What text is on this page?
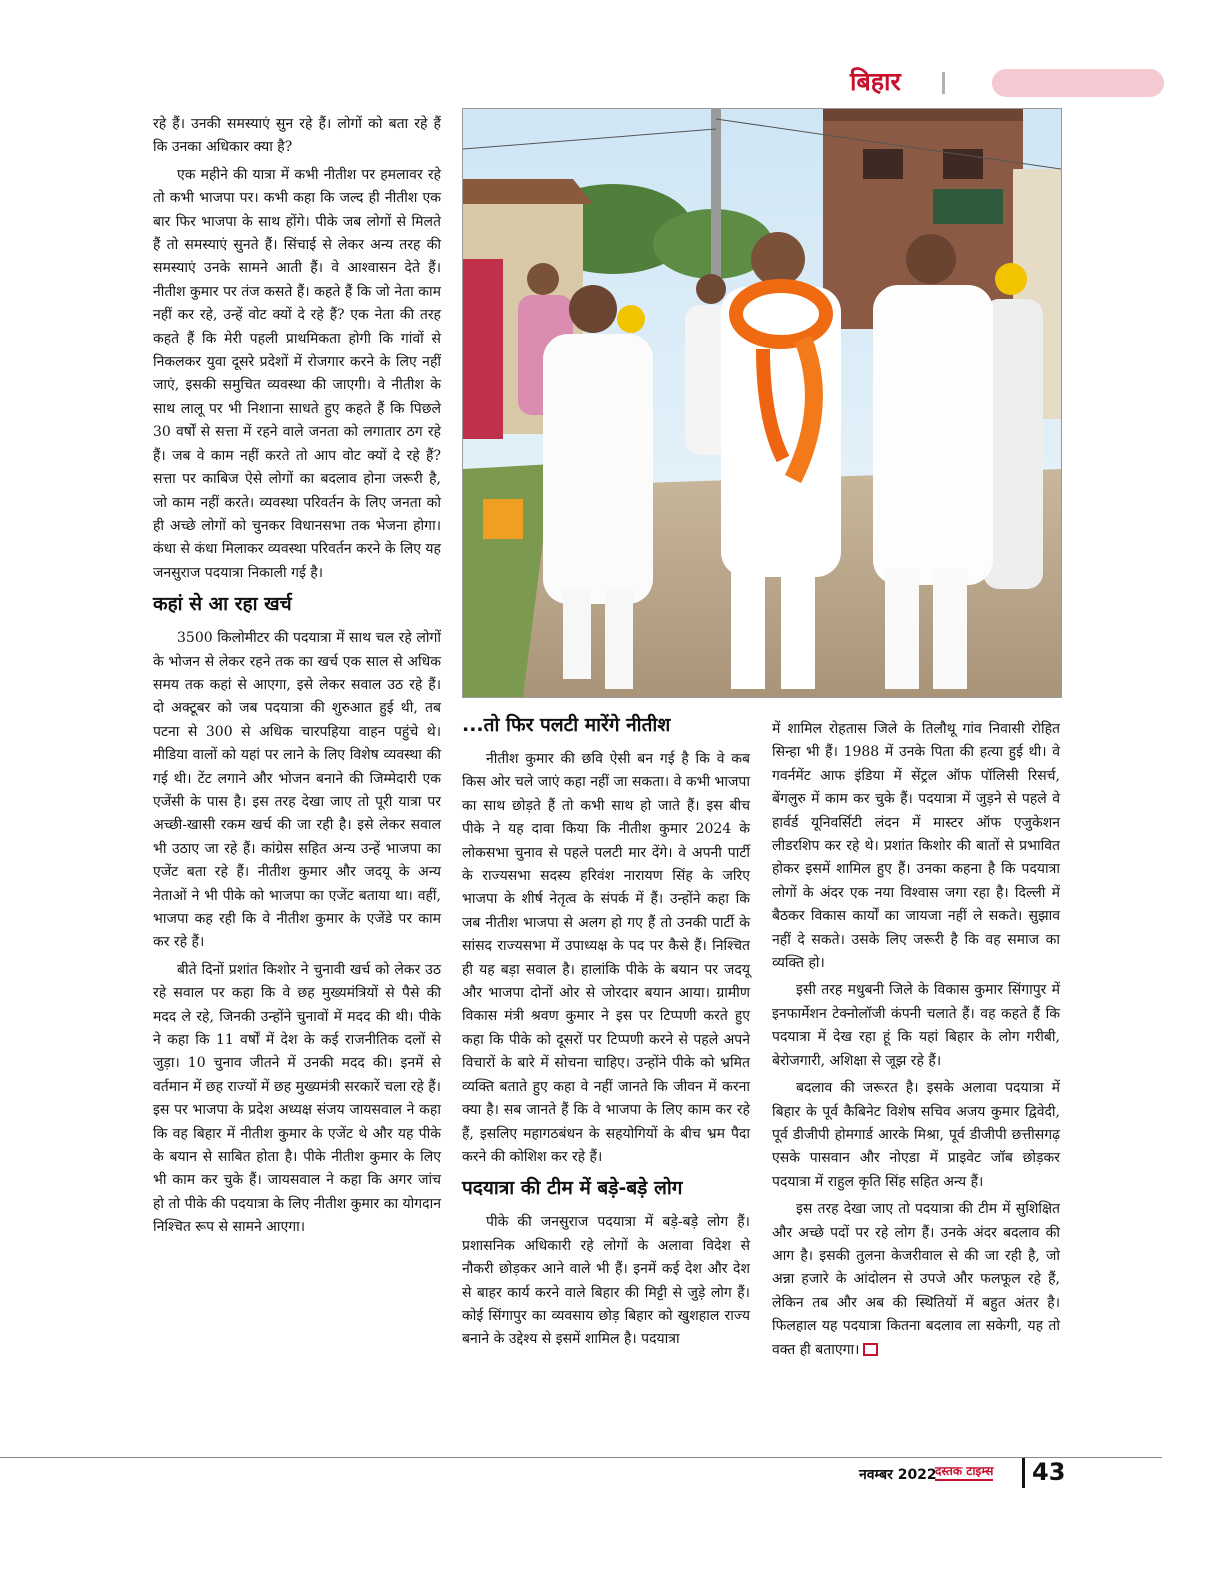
बिहार

रहे हैं। उनकी समस्याएं सुन रहे हैं। लोगों को बता रहे हैं कि उनका अधिकार क्या है?

एक महीने की यात्रा में कभी नीतीश पर हमलावर रहे तो कभी भाजपा पर। कभी कहा कि जल्द ही नीतीश एक बार फिर भाजपा के साथ होंगे। पीके जब लोगों से मिलते हैं तो समस्याएं सुनते हैं। सिंचाई से लेकर अन्य तरह की समस्याएं उनके सामने आती हैं। वे आश्वासन देते हैं। नीतीश कुमार पर तंज कसते हैं। कहते हैं कि जो नेता काम नहीं कर रहे, उन्हें वोट क्यों दे रहे हैं? एक नेता की तरह कहते हैं कि मेरी पहली प्राथमिकता होगी कि गांवों से निकलकर युवा दूसरे प्रदेशों में रोजगार करने के लिए नहीं जाएं, इसकी समुचित व्यवस्था की जाएगी। वे नीतीश के साथ लालू पर भी निशाना साधते हुए कहते हैं कि पिछले 30 वर्षों से सत्ता में रहने वाले जनता को लगातार ठग रहे हैं। जब वे काम नहीं करते तो आप वोट क्यों दे रहे हैं? सत्ता पर काबिज ऐसे लोगों का बदलाव होना जरूरी है, जो काम नहीं करते। व्यवस्था परिवर्तन के लिए जनता को ही अच्छे लोगों को चुनकर विधानसभा तक भेजना होगा। कंधा से कंधा मिलाकर व्यवस्था परिवर्तन करने के लिए यह जनसुराज पदयात्रा निकाली गई है।

कहां से आ रहा खर्च

3500 किलोमीटर की पदयात्रा में साथ चल रहे लोगों के भोजन से लेकर रहने तक का खर्च एक साल से अधिक समय तक कहां से आएगा, इसे लेकर सवाल उठ रहे हैं। दो अक्टूबर को जब पदयात्रा की शुरुआत हुई थी, तब पटना से 300 से अधिक चारपहिया वाहन पहुंचे थे। मीडिया वालों को यहां पर लाने के लिए विशेष व्यवस्था की गई थी। टेंट लगाने और भोजन बनाने की जिम्मेदारी एक एजेंसी के पास है। इस तरह देखा जाए तो पूरी यात्रा पर अच्छी-खासी रकम खर्च की जा रही है। इसे लेकर सवाल भी उठाए जा रहे हैं। कांग्रेस सहित अन्य उन्हें भाजपा का एजेंट बता रहे हैं। नीतीश कुमार और जदयू के अन्य नेताओं ने भी पीके को भाजपा का एजेंट बताया था। वहीं, भाजपा कह रही कि वे नीतीश कुमार के एजेंडे पर काम कर रहे हैं।

बीते दिनों प्रशांत किशोर ने चुनावी खर्च को लेकर उठ रहे सवाल पर कहा कि वे छह मुख्यमंत्रियों से पैसे की मदद ले रहे, जिनकी उन्होंने चुनावों में मदद की थी। पीके ने कहा कि 11 वर्षों में देश के कई राजनीतिक दलों से जुड़ा। 10 चुनाव जीतने में उनकी मदद की। इनमें से वर्तमान में छह राज्यों में छह मुख्यमंत्री सरकारें चला रहे हैं। इस पर भाजपा के प्रदेश अध्यक्ष संजय जायसवाल ने कहा कि वह बिहार में नीतीश कुमार के एजेंट थे और यह पीके के बयान से साबित होता है। पीके नीतीश कुमार के लिए भी काम कर चुके हैं। जायसवाल ने कहा कि अगर जांच हो तो पीके की पदयात्रा के लिए नीतीश कुमार का योगदान निश्चित रूप से सामने आएगा।

...तो फिर पलटी मारेंगे नीतीश

नीतीश कुमार की छवि ऐसी बन गई है कि वे कब किस ओर चले जाएं कहा नहीं जा सकता। वे कभी भाजपा का साथ छोड़ते हैं तो कभी साथ हो जाते हैं। इस बीच पीके ने यह दावा किया कि नीतीश कुमार 2024 के लोकसभा चुनाव से पहले पलटी मार देंगे। वे अपनी पार्टी के राज्यसभा सदस्य हरिवंश नारायण सिंह के जरिए भाजपा के शीर्ष नेतृत्व के संपर्क में हैं। उन्होंने कहा कि जब नीतीश भाजपा से अलग हो गए हैं तो उनकी पार्टी के सांसद राज्यसभा में उपाध्यक्ष के पद पर कैसे हैं। निश्चित ही यह बड़ा सवाल है। हालांकि पीके के बयान पर जदयू और भाजपा दोनों ओर से जोरदार बयान आया। ग्रामीण विकास मंत्री श्रवण कुमार ने इस पर टिप्पणी करते हुए कहा कि पीके को दूसरों पर टिप्पणी करने से पहले अपने विचारों के बारे में सोचना चाहिए। उन्होंने पीके को भ्रमित व्यक्ति बताते हुए कहा वे नहीं जानते कि जीवन में करना क्या है। सब जानते हैं कि वे भाजपा के लिए काम कर रहे हैं, इसलिए महागठबंधन के सहयोगियों के बीच भ्रम पैदा करने की कोशिश कर रहे हैं।

पदयात्रा की टीम में बड़े-बड़े लोग

पीके की जनसुराज पदयात्रा में बड़े-बड़े लोग हैं। प्रशासनिक अधिकारी रहे लोगों के अलावा विदेश से नौकरी छोड़कर आने वाले भी हैं। इनमें कई देश और देश से बाहर कार्य करने वाले बिहार की मिट्टी से जुड़े लोग हैं। कोई सिंगापुर का व्यवसाय छोड़ बिहार को खुशहाल राज्य बनाने के उद्देश्य से इसमें शामिल है। पदयात्रा

में शामिल रोहतास जिले के तिलौथू गांव निवासी रोहित सिन्हा भी हैं। 1988 में उनके पिता की हत्या हुई थी। वे गवर्नमेंट आफ इंडिया में सेंट्रल ऑफ पॉलिसी रिसर्च, बेंगलुरु में काम कर चुके हैं। पदयात्रा में जुड़ने से पहले वे हार्वर्ड यूनिवर्सिटी लंदन में मास्टर ऑफ एजुकेशन लीडरशिप कर रहे थे। प्रशांत किशोर की बातों से प्रभावित होकर इसमें शामिल हुए हैं। उनका कहना है कि पदयात्रा लोगों के अंदर एक नया विश्वास जगा रहा है। दिल्ली में बैठकर विकास कार्यों का जायजा नहीं ले सकते। सुझाव नहीं दे सकते। उसके लिए जरूरी है कि वह समाज का व्यक्ति हो।

इसी तरह मधुबनी जिले के विकास कुमार सिंगापुर में इनफार्मेशन टेक्नोलॉजी कंपनी चलाते हैं। वह कहते हैं कि पदयात्रा में देख रहा हूं कि यहां बिहार के लोग गरीबी, बेरोजगारी, अशिक्षा से जूझ रहे हैं।

बदलाव की जरूरत है। इसके अलावा पदयात्रा में बिहार के पूर्व कैबिनेट विशेष सचिव अजय कुमार द्विवेदी, पूर्व डीजीपी होमगार्ड आरके मिश्रा, पूर्व डीजीपी छत्तीसगढ़ एसके पासवान और नोएडा में प्राइवेट जॉब छोड़कर पदयात्रा में राहुल कृति सिंह सहित अन्य हैं।

इस तरह देखा जाए तो पदयात्रा की टीम में सुशिक्षित और अच्छे पदों पर रहे लोग हैं। उनके अंदर बदलाव की आग है। इसकी तुलना केजरीवाल से की जा रही है, जो अन्ना हजारे के आंदोलन से उपजे और फलफूल रहे हैं, लेकिन तब और अब की स्थितियों में बहुत अंतर है। फिलहाल यह पदयात्रा कितना बदलाव ला सकेगी, यह तो वक्त ही बताएगा।

नवम्बर 2022
दस्तक टाइम्स 43
